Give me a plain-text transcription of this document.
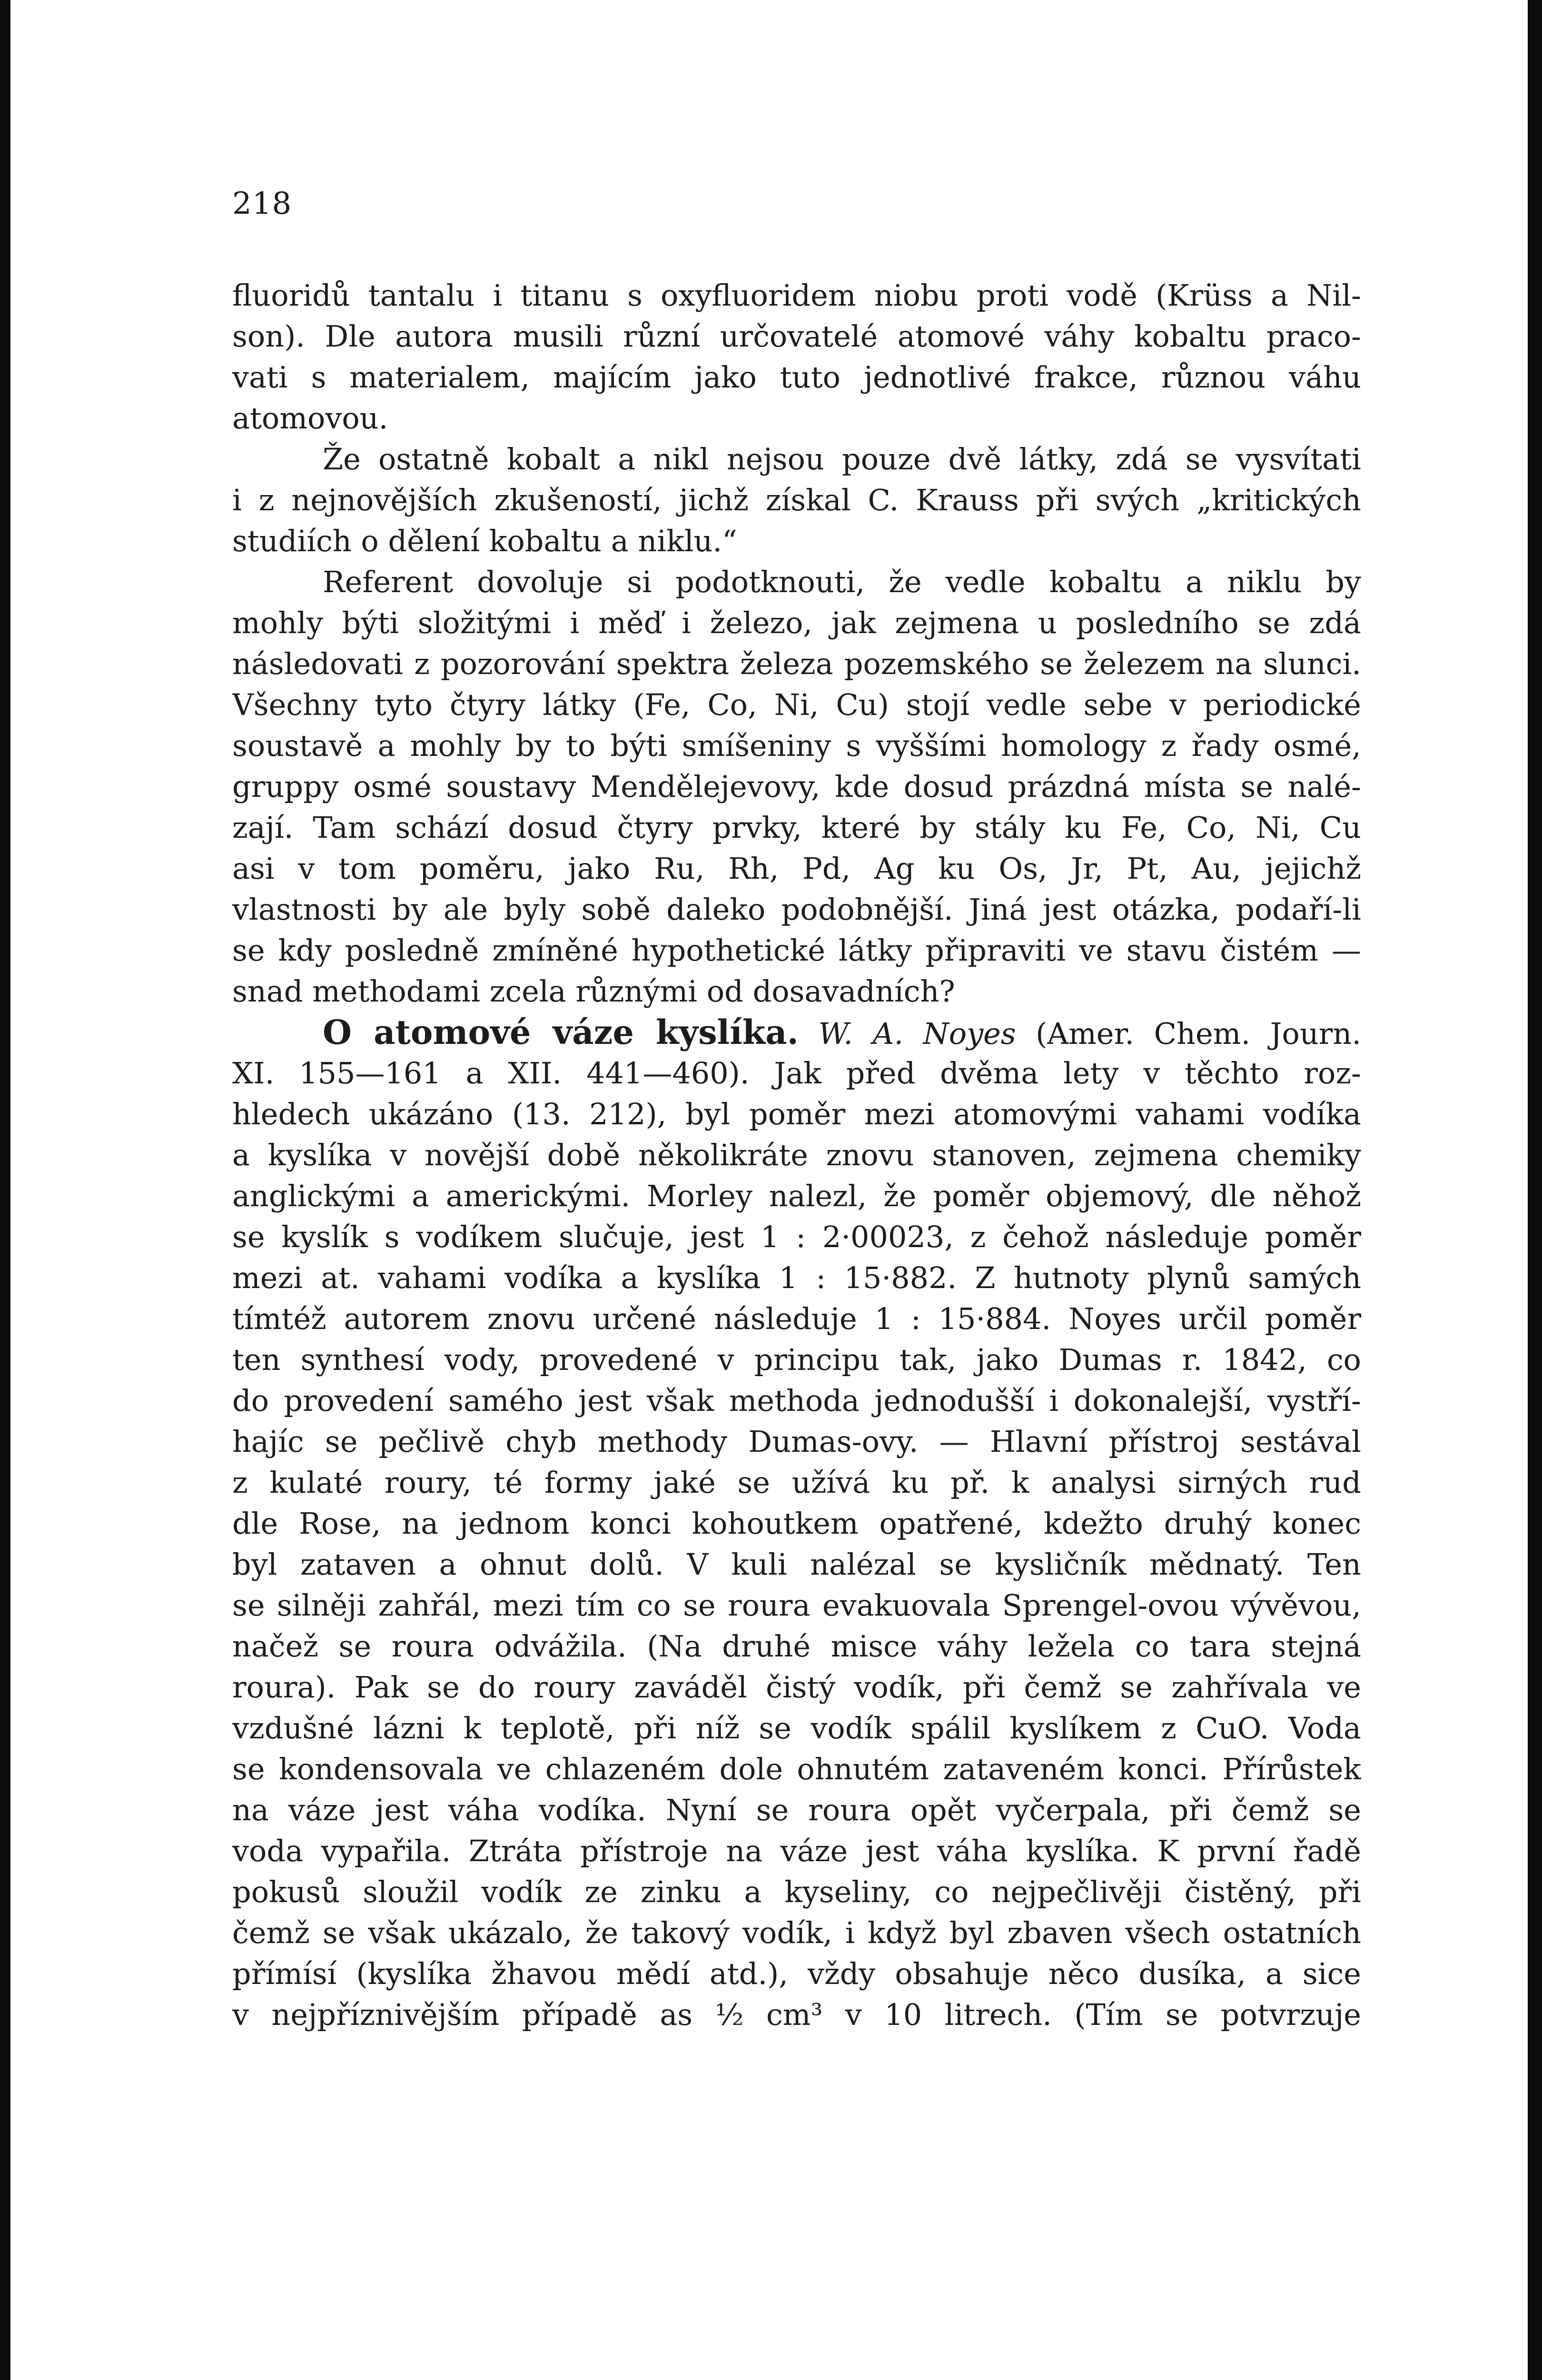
218
fluoridů tantalu i titanu s oxyfluoridem niobu proti vodě (Krüss a Nil-
son). Dle autora musili různí určovatelé atomové váhy kobaltu praco-
vati s materialem, majícím jako tuto jednotlivé frakce, různou váhu
atomovou.
Že ostatně kobalt a nikl nejsou pouze dvě látky, zdá se vysvítati
i z nejnovějších zkušeností, jichž získal C. Krauss při svých „kritických
studiích o dělení kobaltu a niklu.“
Referent dovoluje si podotknouti, že vedle kobaltu a niklu by
mohly býti složitými i měď i železo, jak zejmena u posledního se zdá
následovati z pozorování spektra železa pozemského se železem na slunci.
Všechny tyto čtyry látky (Fe, Co, Ni, Cu) stojí vedle sebe v periodické
soustavě a mohly by to býti smíšeniny s vyššími homology z řady osmé,
gruppy osmé soustavy Mendělejevovy, kde dosud prázdná místa se nalé-
zají. Tam schází dosud čtyry prvky, které by stály ku Fe, Co, Ni, Cu
asi v tom poměru, jako Ru, Rh, Pd, Ag ku Os, Jr, Pt, Au, jejichž
vlastnosti by ale byly sobě daleko podobnější. Jiná jest otázka, podaří-li
se kdy posledně zmíněné hypothetické látky připraviti ve stavu čistém —
snad methodami zcela různými od dosavadních?
O atomové váze kyslíka. W. A. Noyes (Amer. Chem. Journ.
XI. 155—161 a XII. 441—460). Jak před dvěma lety v těchto roz-
hledech ukázáno (13. 212), byl poměr mezi atomovými vahami vodíka
a kyslíka v novější době několikráte znovu stanoven, zejmena chemiky
anglickými a americkými. Morley nalezl, že poměr objemový, dle něhož
se kyslík s vodíkem slučuje, jest 1 : 2·00023, z čehož následuje poměr
mezi at. vahami vodíka a kyslíka 1 : 15·882. Z hutnoty plynů samých
tímtéž autorem znovu určené následuje 1 : 15·884. Noyes určil poměr
ten synthesí vody, provedené v principu tak, jako Dumas r. 1842, co
do provedení samého jest však methoda jednodušší i dokonalejší, vystří-
hajíc se pečlivě chyb methody Dumas-ovy. — Hlavní přístroj sestával
z kulaté roury, té formy jaké se užívá ku př. k analysi sirných rud
dle Rose, na jednom konci kohoutkem opatřené, kdežto druhý konec
byl zataven a ohnut dolů. V kuli nalézal se kysličník mědnatý. Ten
se silněji zahřál, mezi tím co se roura evakuovala Sprengel-ovou vývěvou,
načež se roura odvážila. (Na druhé misce váhy ležela co tara stejná
roura). Pak se do roury zaváděl čistý vodík, při čemž se zahřívala ve
vzdušné lázni k teplotě, při níž se vodík spálil kyslíkem z CuO. Voda
se kondensovala ve chlazeném dole ohnutém zataveném konci. Přírůstek
na váze jest váha vodíka. Nyní se roura opět vyčerpala, při čemž se
voda vypařila. Ztráta přístroje na váze jest váha kyslíka. K první řadě
pokusů sloužil vodík ze zinku a kyseliny, co nejpečlivěji čistěný, při
čemž se však ukázalo, že takový vodík, i když byl zbaven všech ostatních
přímísí (kyslíka žhavou mědí atd.), vždy obsahuje něco dusíka, a sice
v nejpříznivějším případě as ½ cm³ v 10 litrech. (Tím se potvrzuje
